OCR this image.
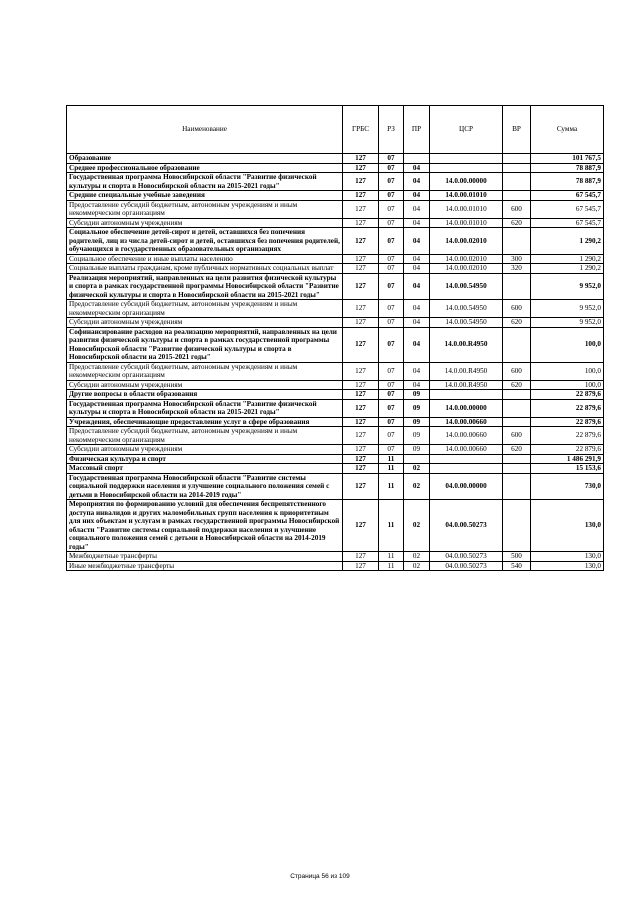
Наименование	ГРБС	РЗ	ПР	ЦСР	ВР	Сумма
Образование	127	07				101 767,5
Среднее профессиональное образование	127	07	04			78 887,9
Государственная программа Новосибирской области "Развитие физической культуры и спорта в Новосибирской области на 2015-2021 годы"	127	07	04	14.0.00.00000		78 887,9
Средние специальные учебные заведения	127	07	04	14.0.00.01010		67 545,7
Предоставление субсидий бюджетным, автономным учреждениям и иным некоммерческим организациям	127	07	04	14.0.00.01010	600	67 545,7
Субсидии автономным учреждениям	127	07	04	14.0.00.01010	620	67 545,7
Социальное обеспечение детей-сирот и детей, оставшихся без попечения родителей, лиц из числа детей-сирот и детей, оставшихся без попечения родителей, обучающихся в государственных образовательных организациях	127	07	04	14.0.00.02010		1 290,2
Социальное обеспечение и иные выплаты населению	127	07	04	14.0.00.02010	300	1 290,2
Социальные выплаты гражданам, кроме публичных нормативных социальных выплат	127	07	04	14.0.00.02010	320	1 290,2
Реализация мероприятий, направленных на цели развития физической культуры и спорта в рамках государственной программы Новосибирской области "Развитие физической культуры и спорта в Новосибирской области на 2015-2021 годы"	127	07	04	14.0.00.54950		9 952,0
Предоставление субсидий бюджетным, автономным учреждениям и иным некоммерческим организациям	127	07	04	14.0.00.54950	600	9 952,0
Субсидии автономным учреждениям	127	07	04	14.0.00.54950	620	9 952,0
Софинансирование расходов на реализацию мероприятий, направленных на цели развития физической культуры и спорта в рамках государственной программы Новосибирской области "Развитие физической культуры и спорта в Новосибирской области на 2015-2021 годы"	127	07	04	14.0.00.R4950		100,0
Предоставление субсидий бюджетным, автономным учреждениям и иным некоммерческим организациям	127	07	04	14.0.00.R4950	600	100,0
Субсидии автономным учреждениям	127	07	04	14.0.00.R4950	620	100,0
Другие вопросы в области образования	127	07	09			22 879,6
Государственная программа Новосибирской области "Развитие физической культуры и спорта в Новосибирской области на 2015-2021 годы"	127	07	09	14.0.00.00000		22 879,6
Учреждения, обеспечивающие предоставление услуг в сфере образования	127	07	09	14.0.00.00660		22 879,6
Предоставление субсидий бюджетным, автономным учреждениям и иным некоммерческим организациям	127	07	09	14.0.00.00660	600	22 879,6
Субсидии автономным учреждениям	127	07	09	14.0.00.00660	620	22 879,6
Физическая культура и спорт	127	11				1 486 291,9
Массовый спорт	127	11	02			15 153,6
Государственная программа Новосибирской области "Развитие системы социальной поддержки населения и улучшение социального положения семей с детьми в Новосибирской области на 2014-2019 годы"	127	11	02	04.0.00.00000		730,0
Мероприятия по формированию условий для обеспечения беспрепятственного доступа инвалидов и других маломобильных групп населения к приоритетным для них объектам и услугам в рамках государственной программы Новосибирской области "Развитие системы социальной поддержки населения и улучшение социального положения семей с детьми в Новосибирской области на 2014-2019 годы"	127	11	02	04.0.00.50273		130,0
Межбюджетные трансферты	127	11	02	04.0.00.50273	500	130,0
Иные межбюджетные трансферты	127	11	02	04.0.00.50273	540	130,0
Страница 56 из 109
